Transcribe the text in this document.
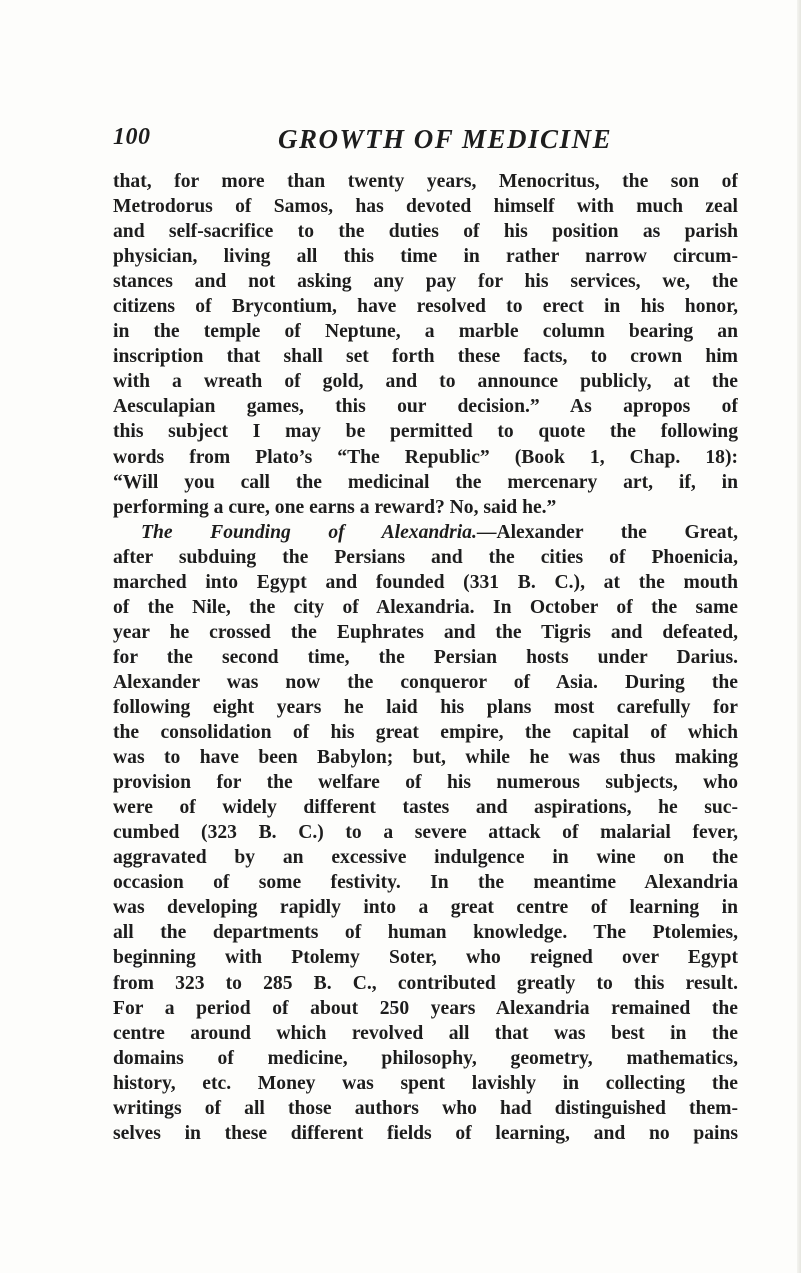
100	GROWTH OF MEDICINE
that, for more than twenty years, Menocritus, the son of
Metrodorus of Samos, has devoted himself with much zeal
and self-sacrifice to the duties of his position as parish
physician, living all this time in rather narrow circum-
stances and not asking any pay for his services, we, the
citizens of Brycontium, have resolved to erect in his honor,
in the temple of Neptune, a marble column bearing an
inscription that shall set forth these facts, to crown him
with a wreath of gold, and to announce publicly, at the
Aesculapian games, this our decision.” As apropos of
this subject I may be permitted to quote the following
words from Plato’s “The Republic” (Book 1, Chap. 18):
“Will you call the medicinal the mercenary art, if, in
performing a cure, one earns a reward? No, said he.”
The Founding of Alexandria.—Alexander the Great,
after subduing the Persians and the cities of Phoenicia,
marched into Egypt and founded (331 B. C.), at the mouth
of the Nile, the city of Alexandria. In October of the same
year he crossed the Euphrates and the Tigris and defeated,
for the second time, the Persian hosts under Darius.
Alexander was now the conqueror of Asia. During the
following eight years he laid his plans most carefully for
the consolidation of his great empire, the capital of which
was to have been Babylon; but, while he was thus making
provision for the welfare of his numerous subjects, who
were of widely different tastes and aspirations, he suc-
cumbed (323 B. C.) to a severe attack of malarial fever,
aggravated by an excessive indulgence in wine on the
occasion of some festivity. In the meantime Alexandria
was developing rapidly into a great centre of learning in
all the departments of human knowledge. The Ptolemies,
beginning with Ptolemy Soter, who reigned over Egypt
from 323 to 285 B. C., contributed greatly to this result.
For a period of about 250 years Alexandria remained the
centre around which revolved all that was best in the
domains of medicine, philosophy, geometry, mathematics,
history, etc. Money was spent lavishly in collecting the
writings of all those authors who had distinguished them-
selves in these different fields of learning, and no pains
